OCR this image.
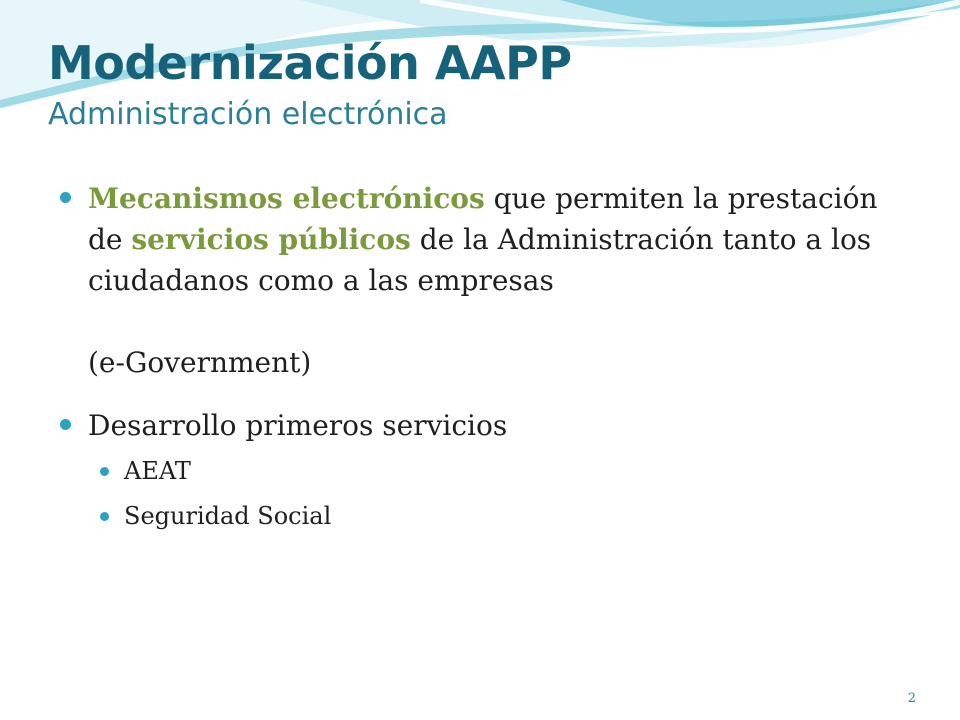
Modernización AAPP
Administración electrónica
Mecanismos electrónicos que permiten la prestación de servicios públicos de la Administración tanto a los ciudadanos como a las empresas
(e-Government)
Desarrollo primeros servicios
AEAT
Seguridad Social
2
